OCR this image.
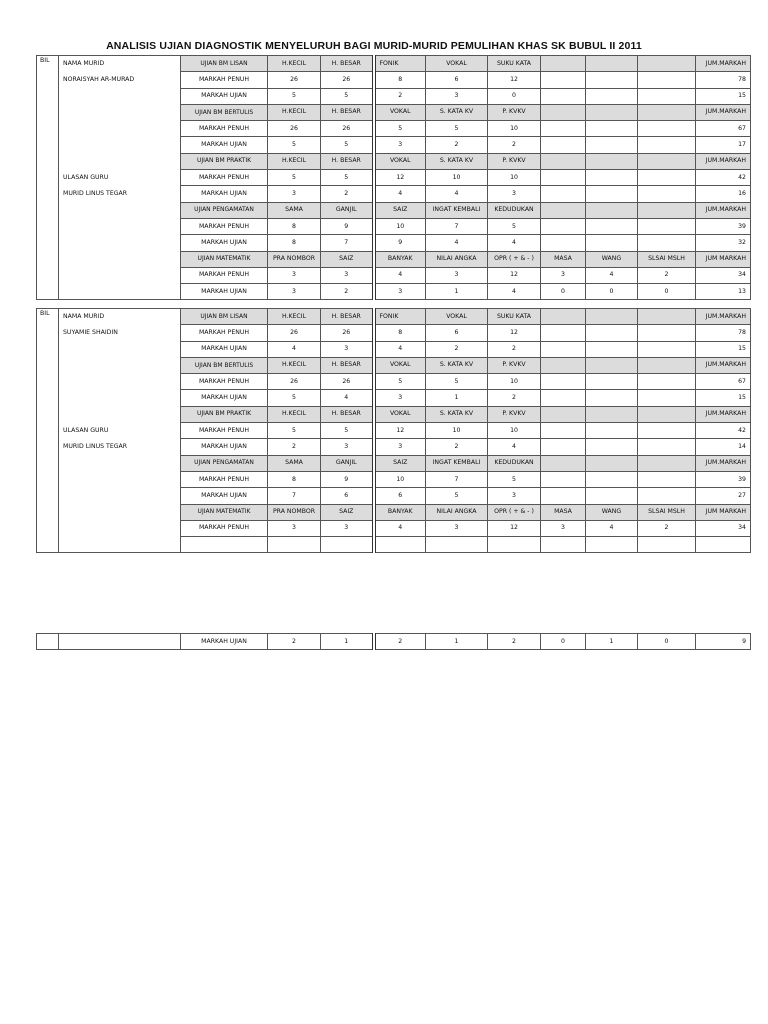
ANALISIS UJIAN DIAGNOSTIK MENYELURUH BAGI MURID-MURID PEMULIHAN KHAS SK BUBUL II 2011
BIL	NAMA MURID	UJIAN BM LISAN	H.KECIL	H. BESAR	FONIK	VOKAL	SUKU KATA				JUM.MARKAH
	NORAISYAH AR-MURAD	MARKAH PENUH	26	26	8	6	12				78
		MARKAH UJIAN	5	5	2	3	0				15
		UJIAN BM BERTULIS	H.KECIL	H. BESAR	VOKAL	S. KATA KV	P. KVKV				JUM.MARKAH
		MARKAH PENUH	26	26	5	5	10				67
		MARKAH UJIAN	5	5	3	2	2				17
		UJIAN BM PRAKTIK	H.KECIL	H. BESAR	VOKAL	S. KATA KV	P. KVKV				JUM.MARKAH
	ULASAN GURU	MARKAH PENUH	5	5	12	10	10				42
	MURID LINUS TEGAR	MARKAH UJIAN	3	2	4	4	3				16
		UJIAN PENGAMATAN	SAMA	GANJIL	SAIZ	INGAT KEMBALI	KEDUDUKAN				JUM.MARKAH
		MARKAH PENUH	8	9	10	7	5				39
		MARKAH UJIAN	8	7	9	4	4				32
		UJIAN MATEMATIK	PRA NOMBOR	SAIZ	BANYAK	NILAI ANGKA	OPR ( + & - )	MASA	WANG	SLSAI MSLH	JUM MARKAH
		MARKAH PENUH	3	3	4	3	12	3	4	2	34
		MARKAH UJIAN	3	2	3	1	4	0	0	0	13
BIL	NAMA MURID	UJIAN BM LISAN	H.KECIL	H. BESAR	FONIK	VOKAL	SUKU KATA				JUM.MARKAH
	SUYAMIE SHAIDIN	MARKAH PENUH	26	26	8	6	12				78
		MARKAH UJIAN	4	3	4	2	2				15
		UJIAN BM BERTULIS	H.KECIL	H. BESAR	VOKAL	S. KATA KV	P. KVKV				JUM.MARKAH
		MARKAH PENUH	26	26	5	5	10				67
		MARKAH UJIAN	5	4	3	1	2				15
		UJIAN BM PRAKTIK	H.KECIL	H. BESAR	VOKAL	S. KATA KV	P. KVKV				JUM.MARKAH
	ULASAN GURU	MARKAH PENUH	5	5	12	10	10				42
	MURID LINUS TEGAR	MARKAH UJIAN	2	3	3	2	4				14
		UJIAN PENGAMATAN	SAMA	GANJIL	SAIZ	INGAT KEMBALI	KEDUDUKAN				JUM.MARKAH
		MARKAH PENUH	8	9	10	7	5				39
		MARKAH UJIAN	7	6	6	5	3				27
		UJIAN MATEMATIK	PRA NOMBOR	SAIZ	BANYAK	NILAI ANGKA	OPR ( + & - )	MASA	WANG	SLSAI MSLH	JUM MARKAH
		MARKAH PENUH	3	3	4	3	12	3	4	2	34

		MARKAH UJIAN	2	1	2	1	2	0	1	0	9
